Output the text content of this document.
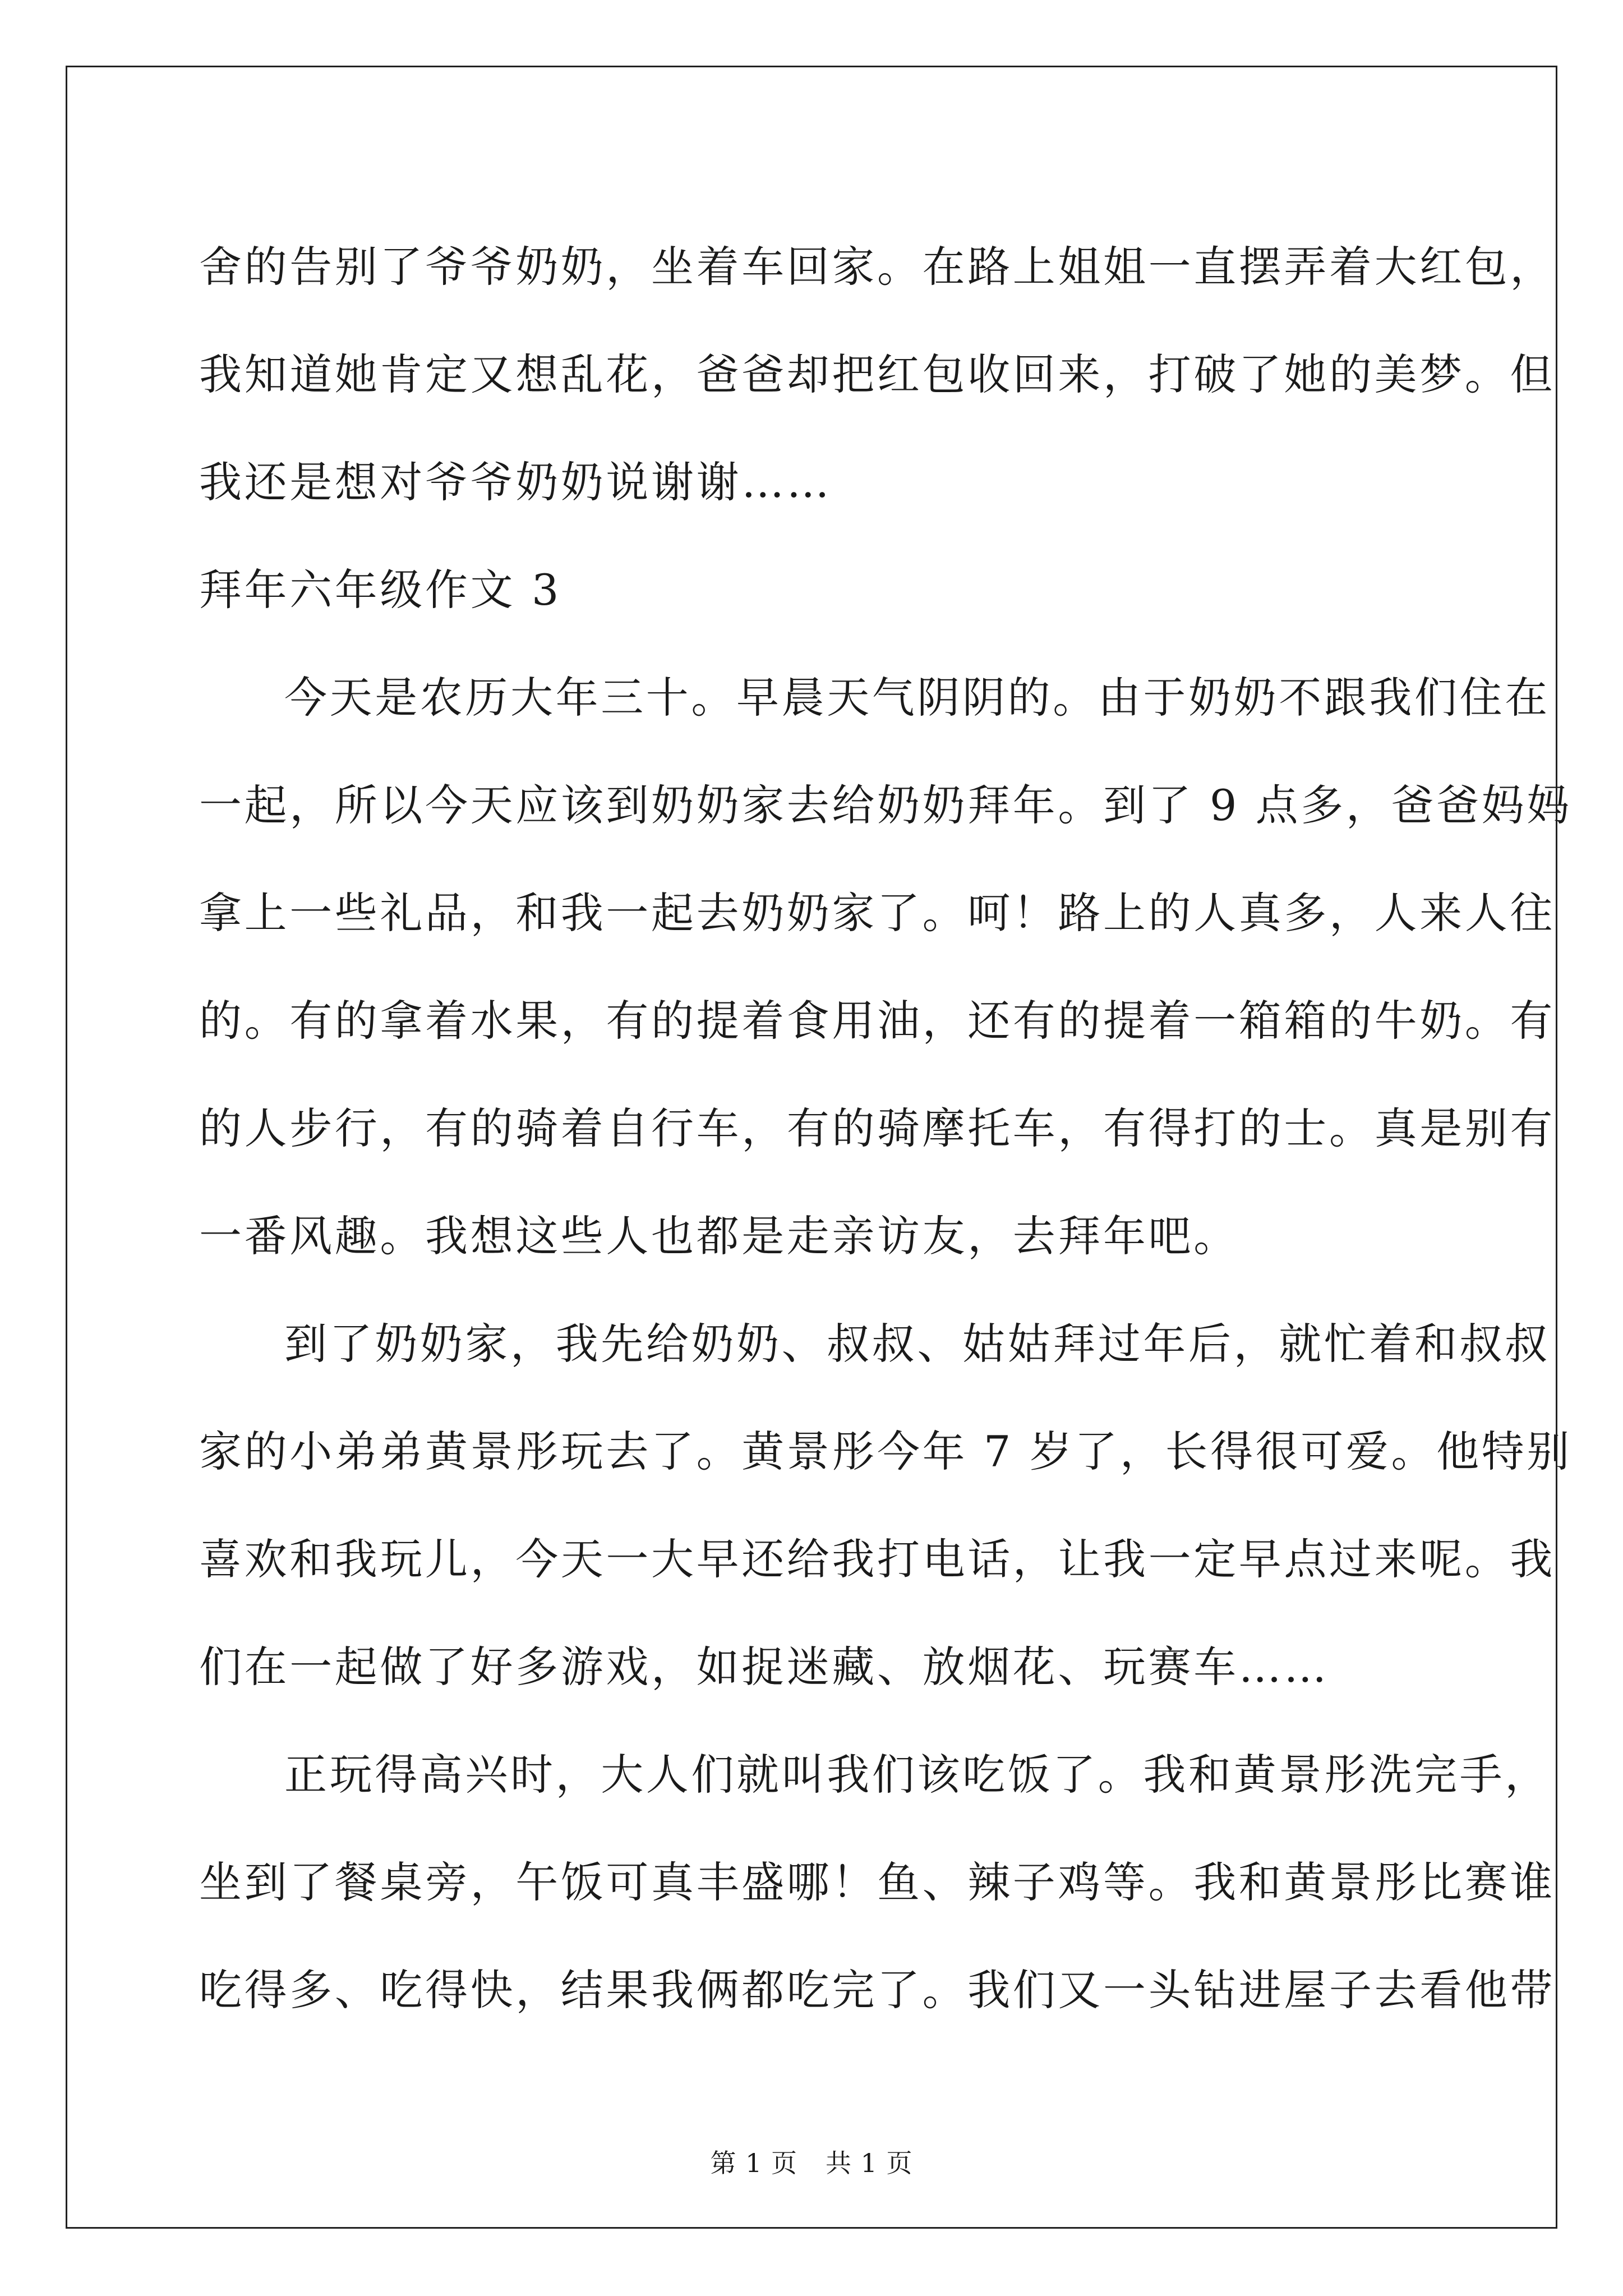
舍的告别了爷爷奶奶，坐着车回家。在路上姐姐一直摆弄着大红包，
我知道她肯定又想乱花，爸爸却把红包收回来，打破了她的美梦。但
我还是想对爷爷奶奶说谢谢……
拜年六年级作文 3
今天是农历大年三十。早晨天气阴阴的。由于奶奶不跟我们住在
一起，所以今天应该到奶奶家去给奶奶拜年。到了 9 点多，爸爸妈妈
拿上一些礼品，和我一起去奶奶家了。呵！路上的人真多，人来人往
的。有的拿着水果，有的提着食用油，还有的提着一箱箱的牛奶。有
的人步行，有的骑着自行车，有的骑摩托车，有得打的士。真是别有
一番风趣。我想这些人也都是走亲访友，去拜年吧。
到了奶奶家，我先给奶奶、叔叔、姑姑拜过年后，就忙着和叔叔
家的小弟弟黄景彤玩去了。黄景彤今年 7 岁了，长得很可爱。他特别
喜欢和我玩儿，今天一大早还给我打电话，让我一定早点过来呢。我
们在一起做了好多游戏，如捉迷藏、放烟花、玩赛车……
正玩得高兴时，大人们就叫我们该吃饭了。我和黄景彤洗完手，
坐到了餐桌旁，午饭可真丰盛哪！鱼、辣子鸡等。我和黄景彤比赛谁
吃得多、吃得快，结果我俩都吃完了。我们又一头钻进屋子去看他带
第 1 页 共 1 页
